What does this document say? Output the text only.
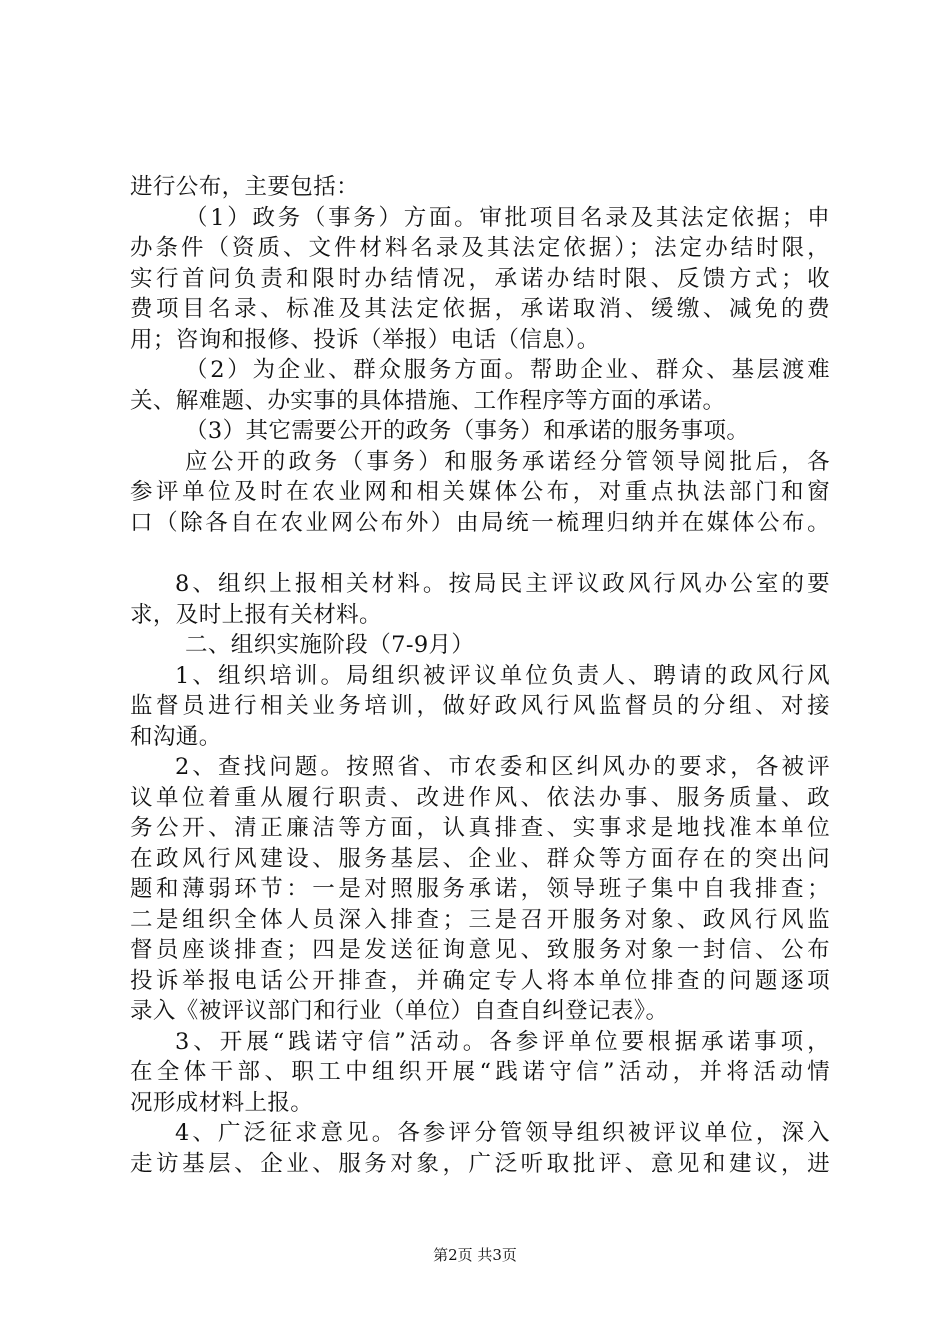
进行公布，主要包括：
（1）政务（事务）方面。审批项目名录及其法定依据；申
办条件（资质、文件材料名录及其法定依据）；法定办结时限，
实行首问负责和限时办结情况，承诺办结时限、反馈方式；收
费项目名录、标准及其法定依据，承诺取消、缓缴、减免的费
用；咨询和报修、投诉（举报）电话（信息）。
（2）为企业、群众服务方面。帮助企业、群众、基层渡难
关、解难题、办实事的具体措施、工作程序等方面的承诺。
（3）其它需要公开的政务（事务）和承诺的服务事项。
应公开的政务（事务）和服务承诺经分管领导阅批后，各
参评单位及时在农业网和相关媒体公布，对重点执法部门和窗
口（除各自在农业网公布外）由局统一梳理归纳并在媒体公布。
8、组织上报相关材料。按局民主评议政风行风办公室的要
求，及时上报有关材料。
二、组织实施阶段（7-9月）
1、组织培训。局组织被评议单位负责人、聘请的政风行风
监督员进行相关业务培训，做好政风行风监督员的分组、对接
和沟通。
2、查找问题。按照省、市农委和区纠风办的要求，各被评
议单位着重从履行职责、改进作风、依法办事、服务质量、政
务公开、清正廉洁等方面，认真排查、实事求是地找准本单位
在政风行风建设、服务基层、企业、群众等方面存在的突出问
题和薄弱环节：一是对照服务承诺，领导班子集中自我排查；
二是组织全体人员深入排查；三是召开服务对象、政风行风监
督员座谈排查；四是发送征询意见、致服务对象一封信、公布
投诉举报电话公开排查，并确定专人将本单位排查的问题逐项
录入《被评议部门和行业（单位）自查自纠登记表》。
3、开展“践诺守信”活动。各参评单位要根据承诺事项，
在全体干部、职工中组织开展“践诺守信”活动，并将活动情
况形成材料上报。
4、广泛征求意见。各参评分管领导组织被评议单位，深入
走访基层、企业、服务对象，广泛听取批评、意见和建议，进
第2页 共3页
